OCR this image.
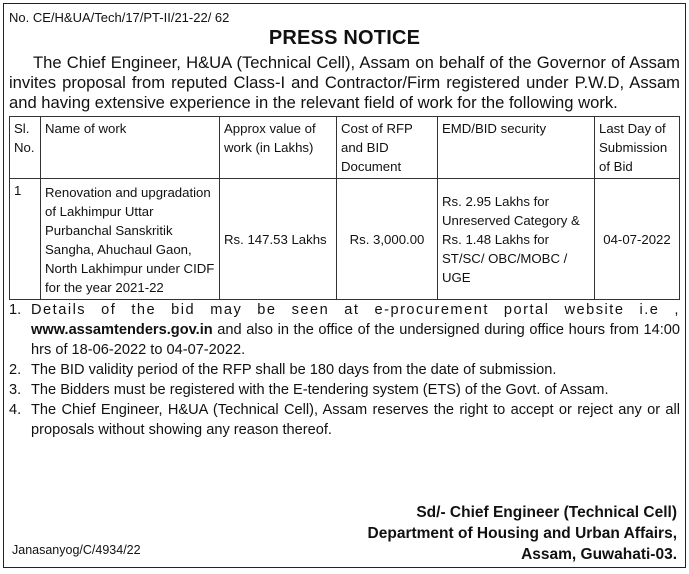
No. CE/H&UA/Tech/17/PT-II/21-22/ 62
PRESS NOTICE
The Chief Engineer, H&UA (Technical Cell), Assam on behalf of the Governor of Assam invites proposal from reputed Class-I and Contractor/Firm registered under P.W.D, Assam and having extensive experience in the relevant field of work for the following work.
Sl. No.	Name of work	Approx value of work (in Lakhs)	Cost of RFP and BID Document	EMD/BID security	Last Day of Submission of Bid
1	Renovation and upgradation of Lakhimpur Uttar Purbanchal Sanskritik Sangha, Ahuchaul Gaon, North Lakhimpur under CIDF for the year 2021-22	Rs. 147.53 Lakhs	Rs. 3,000.00	Rs. 2.95 Lakhs for Unreserved Category & Rs. 1.48 Lakhs for ST/SC/ OBC/MOBC / UGE	04-07-2022
1. Details of the bid may be seen at e-procurement portal website i.e , www.assamtenders.gov.in and also in the office of the undersigned during office hours from 14:00 hrs of 18-06-2022 to 04-07-2022.
2. The BID validity period of the RFP shall be 180 days from the date of submission.
3. The Bidders must be registered with the E-tendering system (ETS) of the Govt. of Assam.
4. The Chief Engineer, H&UA (Technical Cell), Assam reserves the right to accept or reject any or all proposals without showing any reason thereof.
Sd/- Chief Engineer (Technical Cell)
Department of Housing and Urban Affairs,
Assam, Guwahati-03.
Janasanyog/C/4934/22
